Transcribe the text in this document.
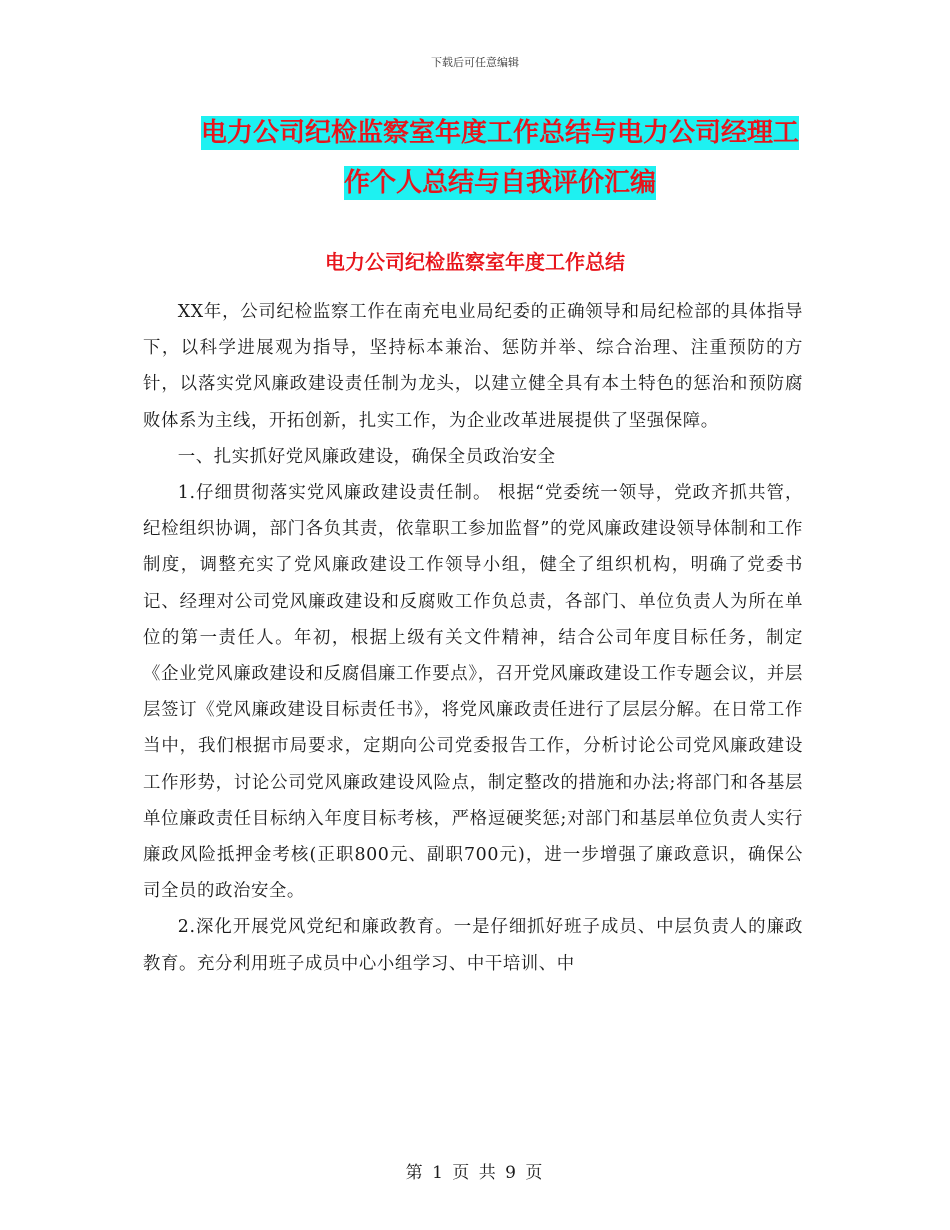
下载后可任意编辑
电力公司纪检监察室年度工作总结与电力公司经理工作个人总结与自我评价汇编
电力公司纪检监察室年度工作总结

XX年，公司纪检监察工作在南充电业局纪委的正确领导和局纪检部的具体指导下，以科学进展观为指导，坚持标本兼治、惩防并举、综合治理、注重预防的方针，以落实党风廉政建设责任制为龙头，以建立健全具有本土特色的惩治和预防腐败体系为主线，开拓创新，扎实工作，为企业改革进展提供了坚强保障。

一、扎实抓好党风廉政建设，确保全员政治安全

1.仔细贯彻落实党风廉政建设责任制。 根据“党委统一领导，党政齐抓共管，纪检组织协调，部门各负其责，依靠职工参加监督”的党风廉政建设领导体制和工作制度，调整充实了党风廉政建设工作领导小组，健全了组织机构，明确了党委书记、经理对公司党风廉政建设和反腐败工作负总责，各部门、单位负责人为所在单位的第一责任人。年初，根据上级有关文件精神，结合公司年度目标任务，制定《企业党风廉政建设和反腐倡廉工作要点》，召开党风廉政建设工作专题会议，并层层签订《党风廉政建设目标责任书》，将党风廉政责任进行了层层分解。在日常工作当中，我们根据市局要求，定期向公司党委报告工作，分析讨论公司党风廉政建设工作形势，讨论公司党风廉政建设风险点，制定整改的措施和办法;将部门和各基层单位廉政责任目标纳入年度目标考核，严格逗硬奖惩;对部门和基层单位负责人实行廉政风险抵押金考核(正职800元、副职700元)，进一步增强了廉政意识，确保公司全员的政治安全。

2.深化开展党风党纪和廉政教育。一是仔细抓好班子成员、中层负责人的廉政教育。充分利用班子成员中心小组学习、中干培训、中

第 1 页 共 9 页
